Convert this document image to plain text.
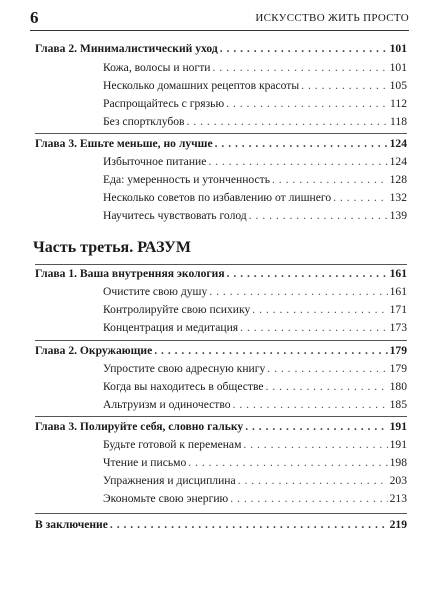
6	ИСКУССТВО ЖИТЬ ПРОСТО
Глава 2. Минималистический уход . . .	101
Кожа, волосы и ногти . . .	101
Несколько домашних рецептов красоты . . .	105
Распрощайтесь с грязью . . .	112
Без спортклубов . . .	118
Глава 3. Ешьте меньше, но лучше . . .	124
Избыточное питание . . .	124
Еда: умеренность и утонченность . . .	128
Несколько советов по избавлению от лишнего . . .	132
Научитесь чувствовать голод . . .	139
Часть третья. РАЗУМ
Глава 1. Ваша внутренняя экология . . .	161
Очистите свою душу . . .	161
Контролируйте свою психику . . .	171
Концентрация и медитация . . .	173
Глава 2. Окружающие . . .	179
Упростите свою адресную книгу . . .	179
Когда вы находитесь в обществе . . .	180
Альтруизм и одиночество . . .	185
Глава 3. Полируйте себя, словно гальку . . .	191
Будьте готовой к переменам . . .	191
Чтение и письмо . . .	198
Упражнения и дисциплина . . .	203
Экономьте свою энергию . . .	213
В заключение . . .	219
